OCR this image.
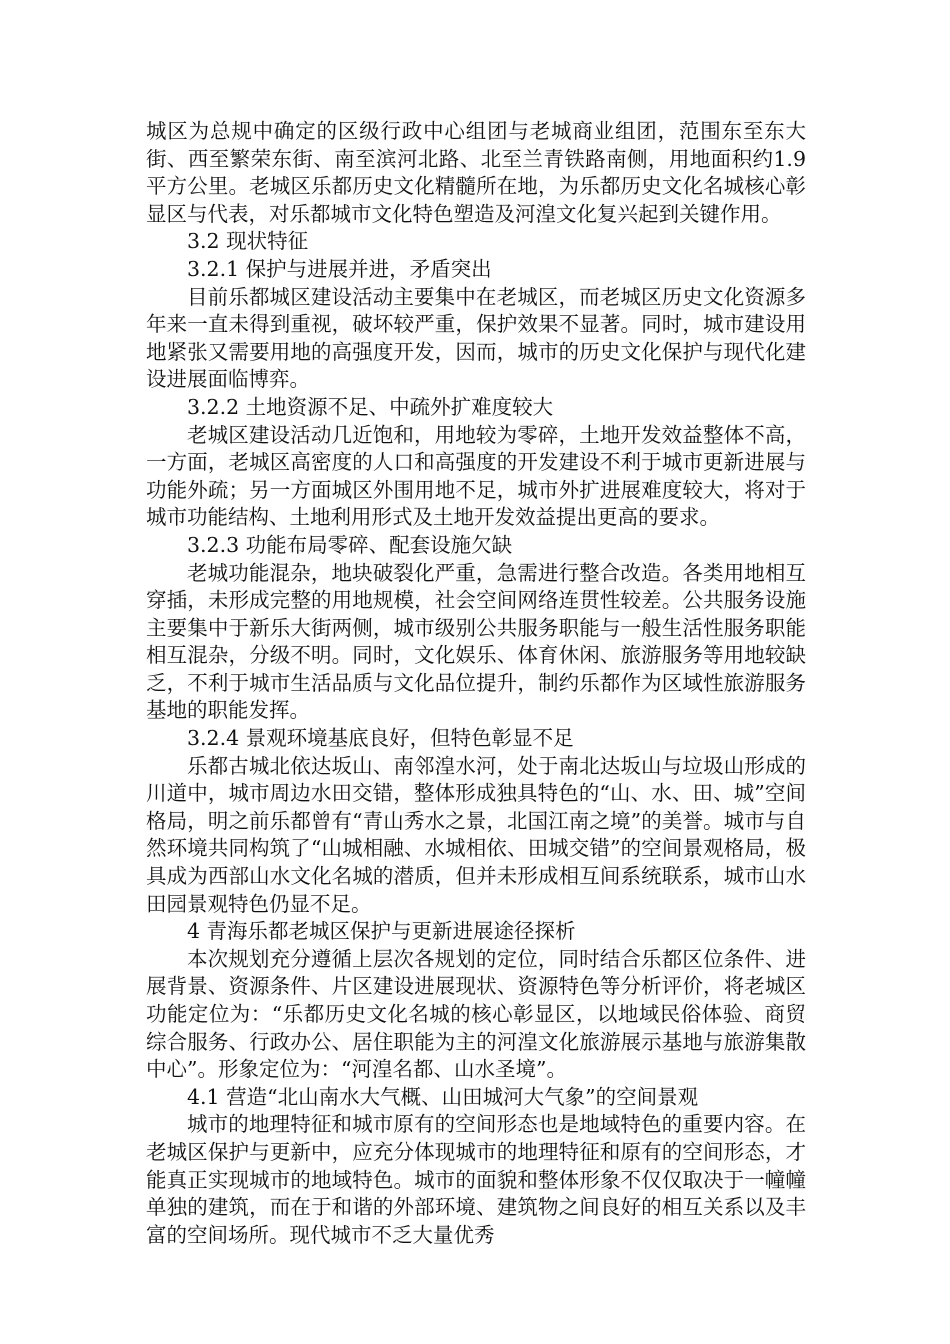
城区为总规中确定的区级行政中心组团与老城商业组团，范围东至东大街、西至繁荣东街、南至滨河北路、北至兰青铁路南侧，用地面积约1.9平方公里。老城区乐都历史文化精髓所在地，为乐都历史文化名城核心彰显区与代表，对乐都城市文化特色塑造及河湟文化复兴起到关键作用。

3.2 现状特征

3.2.1 保护与进展并进，矛盾突出

目前乐都城区建设活动主要集中在老城区，而老城区历史文化资源多年来一直未得到重视，破坏较严重，保护效果不显著。同时，城市建设用地紧张又需要用地的高强度开发，因而，城市的历史文化保护与现代化建设进展面临博弈。

3.2.2 土地资源不足、中疏外扩难度较大

老城区建设活动几近饱和，用地较为零碎，土地开发效益整体不高，一方面，老城区高密度的人口和高强度的开发建设不利于城市更新进展与功能外疏；另一方面城区外围用地不足，城市外扩进展难度较大，将对于城市功能结构、土地利用形式及土地开发效益提出更高的要求。

3.2.3 功能布局零碎、配套设施欠缺

老城功能混杂，地块破裂化严重，急需进行整合改造。各类用地相互穿插，未形成完整的用地规模，社会空间网络连贯性较差。公共服务设施主要集中于新乐大街两侧，城市级别公共服务职能与一般生活性服务职能相互混杂，分级不明。同时，文化娱乐、体育休闲、旅游服务等用地较缺乏，不利于城市生活品质与文化品位提升，制约乐都作为区域性旅游服务基地的职能发挥。

3.2.4 景观环境基底良好，但特色彰显不足

乐都古城北依达坂山、南邻湟水河，处于南北达坂山与垃圾山形成的川道中，城市周边水田交错，整体形成独具特色的“山、水、田、城”空间格局，明之前乐都曾有“青山秀水之景，北国江南之境”的美誉。城市与自然环境共同构筑了“山城相融、水城相依、田城交错”的空间景观格局，极具成为西部山水文化名城的潜质，但并未形成相互间系统联系，城市山水田园景观特色仍显不足。

4 青海乐都老城区保护与更新进展途径探析

本次规划充分遵循上层次各规划的定位，同时结合乐都区位条件、进展背景、资源条件、片区建设进展现状、资源特色等分析评价，将老城区功能定位为：“乐都历史文化名城的核心彰显区，以地域民俗体验、商贸综合服务、行政办公、居住职能为主的河湟文化旅游展示基地与旅游集散中心”。形象定位为：“河湟名都、山水圣境”。

4.1 营造“北山南水大气概、山田城河大气象”的空间景观

城市的地理特征和城市原有的空间形态也是地域特色的重要内容。在老城区保护与更新中，应充分体现城市的地理特征和原有的空间形态，才能真正实现城市的地域特色。城市的面貌和整体形象不仅仅取决于一幢幢单独的建筑，而在于和谐的外部环境、建筑物之间良好的相互关系以及丰富的空间场所。现代城市不乏大量优秀
